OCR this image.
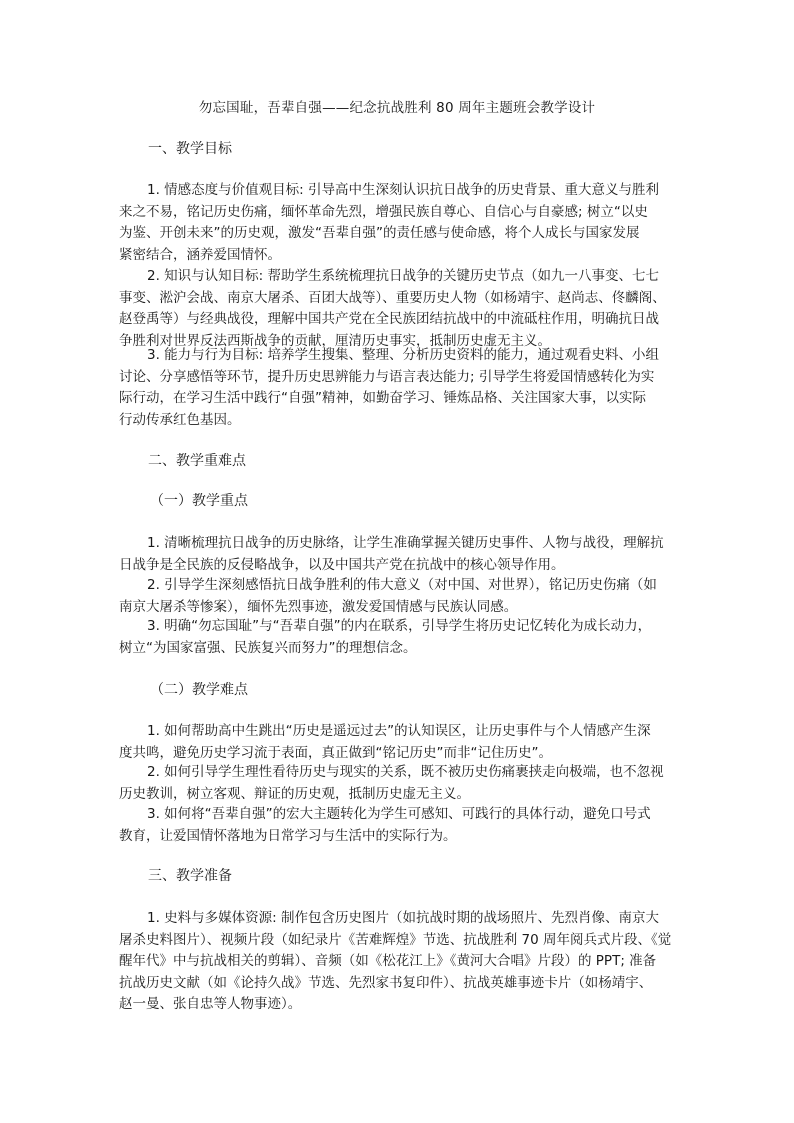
勿忘国耻，吾辈自强——纪念抗战胜利 80 周年主题班会教学设计
一、教学目标
1. 情感态度与价值观目标: 引导高中生深刻认识抗日战争的历史背景、重大意义与胜利
来之不易，铭记历史伤痛，缅怀革命先烈，增强民族自尊心、自信心与自豪感; 树立“以史
为鉴、开创未来”的历史观，激发“吾辈自强”的责任感与使命感，将个人成长与国家发展
紧密结合，涵养爱国情怀。
2. 知识与认知目标: 帮助学生系统梳理抗日战争的关键历史节点（如九一八事变、七七
事变、淞沪会战、南京大屠杀、百团大战等）、重要历史人物（如杨靖宇、赵尚志、佟麟阁、
赵登禹等）与经典战役，理解中国共产党在全民族团结抗战中的中流砥柱作用，明确抗日战
争胜利对世界反法西斯战争的贡献，厘清历史事实，抵制历史虚无主义。
3. 能力与行为目标: 培养学生搜集、整理、分析历史资料的能力，通过观看史料、小组
讨论、分享感悟等环节，提升历史思辨能力与语言表达能力; 引导学生将爱国情感转化为实
际行动，在学习生活中践行“自强”精神，如勤奋学习、锤炼品格、关注国家大事，以实际
行动传承红色基因。
二、教学重难点
（一）教学重点
1. 清晰梳理抗日战争的历史脉络，让学生准确掌握关键历史事件、人物与战役，理解抗
日战争是全民族的反侵略战争，以及中国共产党在抗战中的核心领导作用。
2. 引导学生深刻感悟抗日战争胜利的伟大意义（对中国、对世界），铭记历史伤痛（如
南京大屠杀等惨案），缅怀先烈事迹，激发爱国情感与民族认同感。
3. 明确“勿忘国耻”与“吾辈自强”的内在联系，引导学生将历史记忆转化为成长动力，
树立“为国家富强、民族复兴而努力”的理想信念。
（二）教学难点
1. 如何帮助高中生跳出“历史是遥远过去”的认知误区，让历史事件与个人情感产生深
度共鸣，避免历史学习流于表面，真正做到“铭记历史”而非“记住历史”。
2. 如何引导学生理性看待历史与现实的关系，既不被历史伤痛裹挟走向极端，也不忽视
历史教训，树立客观、辩证的历史观，抵制历史虚无主义。
3. 如何将“吾辈自强”的宏大主题转化为学生可感知、可践行的具体行动，避免口号式
教育，让爱国情怀落地为日常学习与生活中的实际行为。
三、教学准备
1. 史料与多媒体资源: 制作包含历史图片（如抗战时期的战场照片、先烈肖像、南京大
屠杀史料图片）、视频片段（如纪录片《苦难辉煌》节选、抗战胜利 70 周年阅兵式片段、《觉
醒年代》中与抗战相关的剪辑）、音频（如《松花江上》《黄河大合唱》片段）的 PPT; 准备
抗战历史文献（如《论持久战》节选、先烈家书复印件）、抗战英雄事迹卡片（如杨靖宇、
赵一曼、张自忠等人物事迹）。
